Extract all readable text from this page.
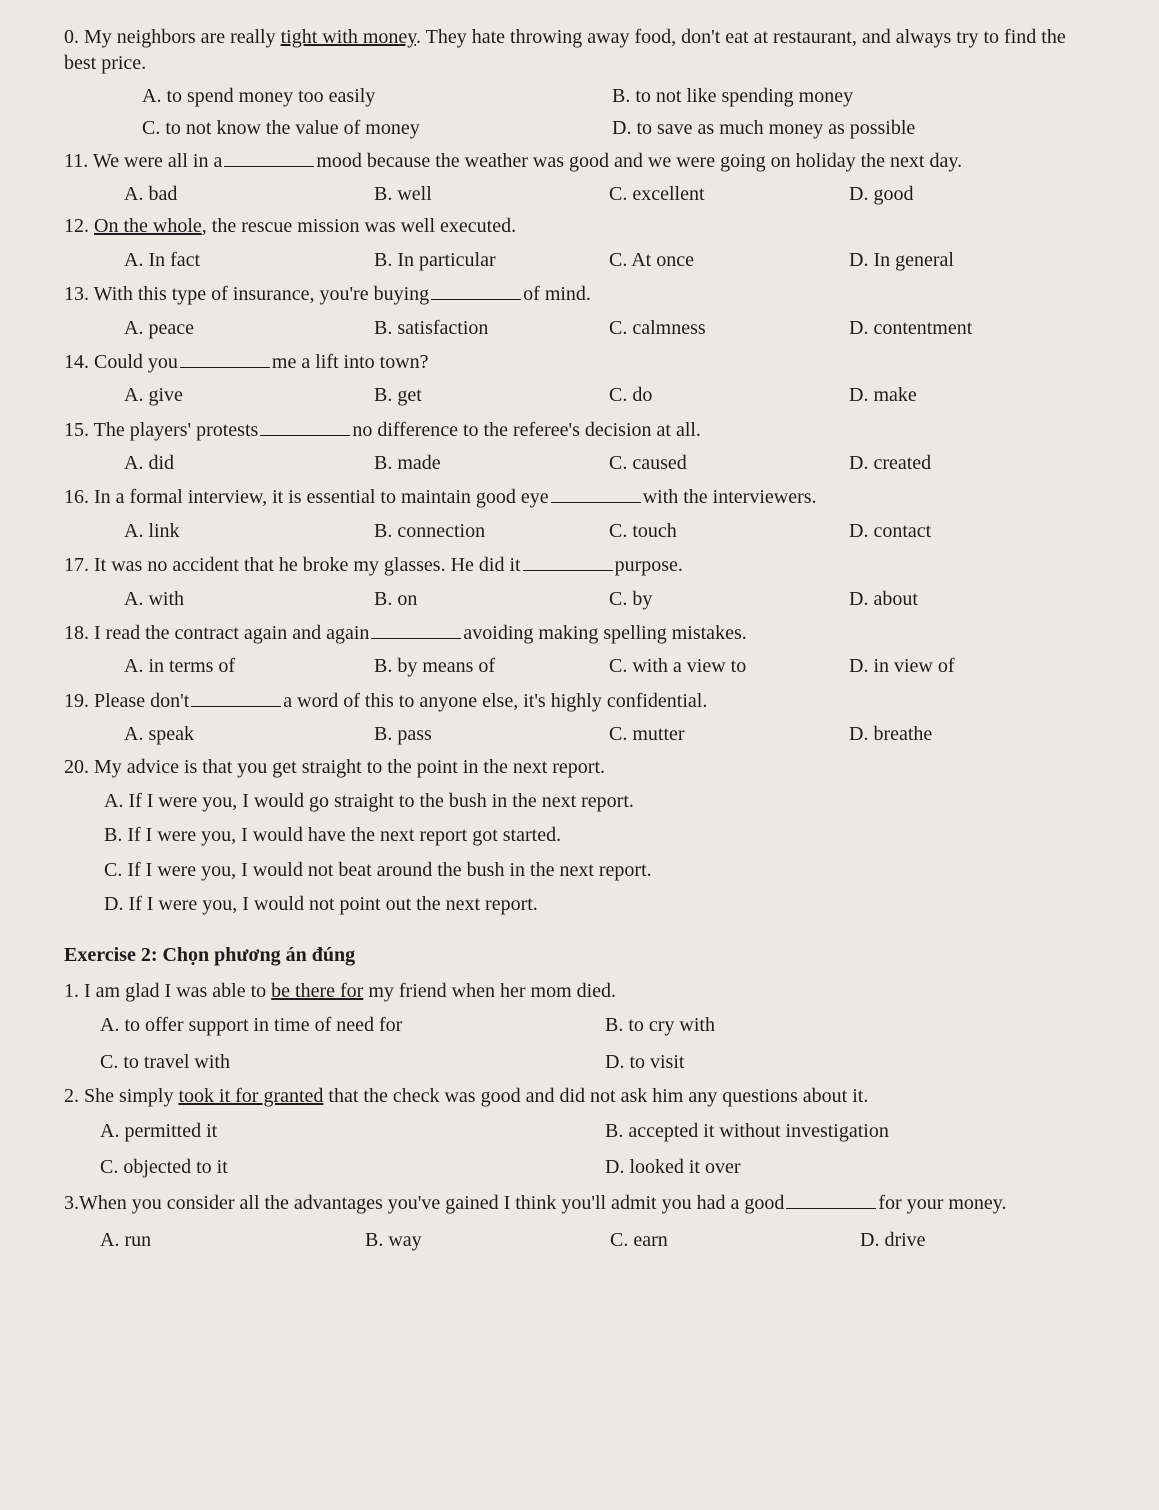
0. My neighbors are really tight with money. They hate throwing away food, don't eat at restaurant, and always try to find the best price.

A. to spend money too easily	B. to not like spending money
C. to not know the value of money	D. to save as much money as possible

11. We were all in a	mood because the weather was good and we were going on holiday the next day.

A. bad	B. well	C. excellent	D. good

12. On the whole, the rescue mission was well executed.

A. In fact	B. In particular	C. At once	D. In general

13. With this type of insurance, you're buying	of mind.

A. peace	B. satisfaction	C. calmness	D. contentment

14. Could you	me a lift into town?

A. give	B. get	C. do	D. make

15. The players' protests	no difference to the referee's decision at all.

A. did	B. made	C. caused	D. created

16. In a formal interview, it is essential to maintain good eye	with the interviewers.

A. link	B. connection	C. touch	D. contact

17. It was no accident that he broke my glasses. He did it	purpose.

A. with	B. on	C. by	D. about

18. I read the contract again and again	avoiding making spelling mistakes.

A. in terms of	B. by means of	C. with a view to	D. in view of

19. Please don't	a word of this to anyone else, it's highly confidential.

A. speak	B. pass	C. mutter	D. breathe

20. My advice is that you get straight to the point in the next report.

A. If I were you, I would go straight to the bush in the next report.
B. If I were you, I would have the next report got started.
C. If I were you, I would not beat around the bush in the next report.
D. If I were you, I would not point out the next report.

Exercise 2: Chọn phương án đúng

1. I am glad I was able to be there for my friend when her mom died.

A. to offer support in time of need for	B. to cry with
C. to travel with	D. to visit

2. She simply took it for granted that the check was good and did not ask him any questions about it.

A. permitted it	B. accepted it without investigation
C. objected to it	D. looked it over

3.When you consider all the advantages you've gained I think you'll admit you had a good	for your money.

A. run	B. way	C. earn	D. drive
